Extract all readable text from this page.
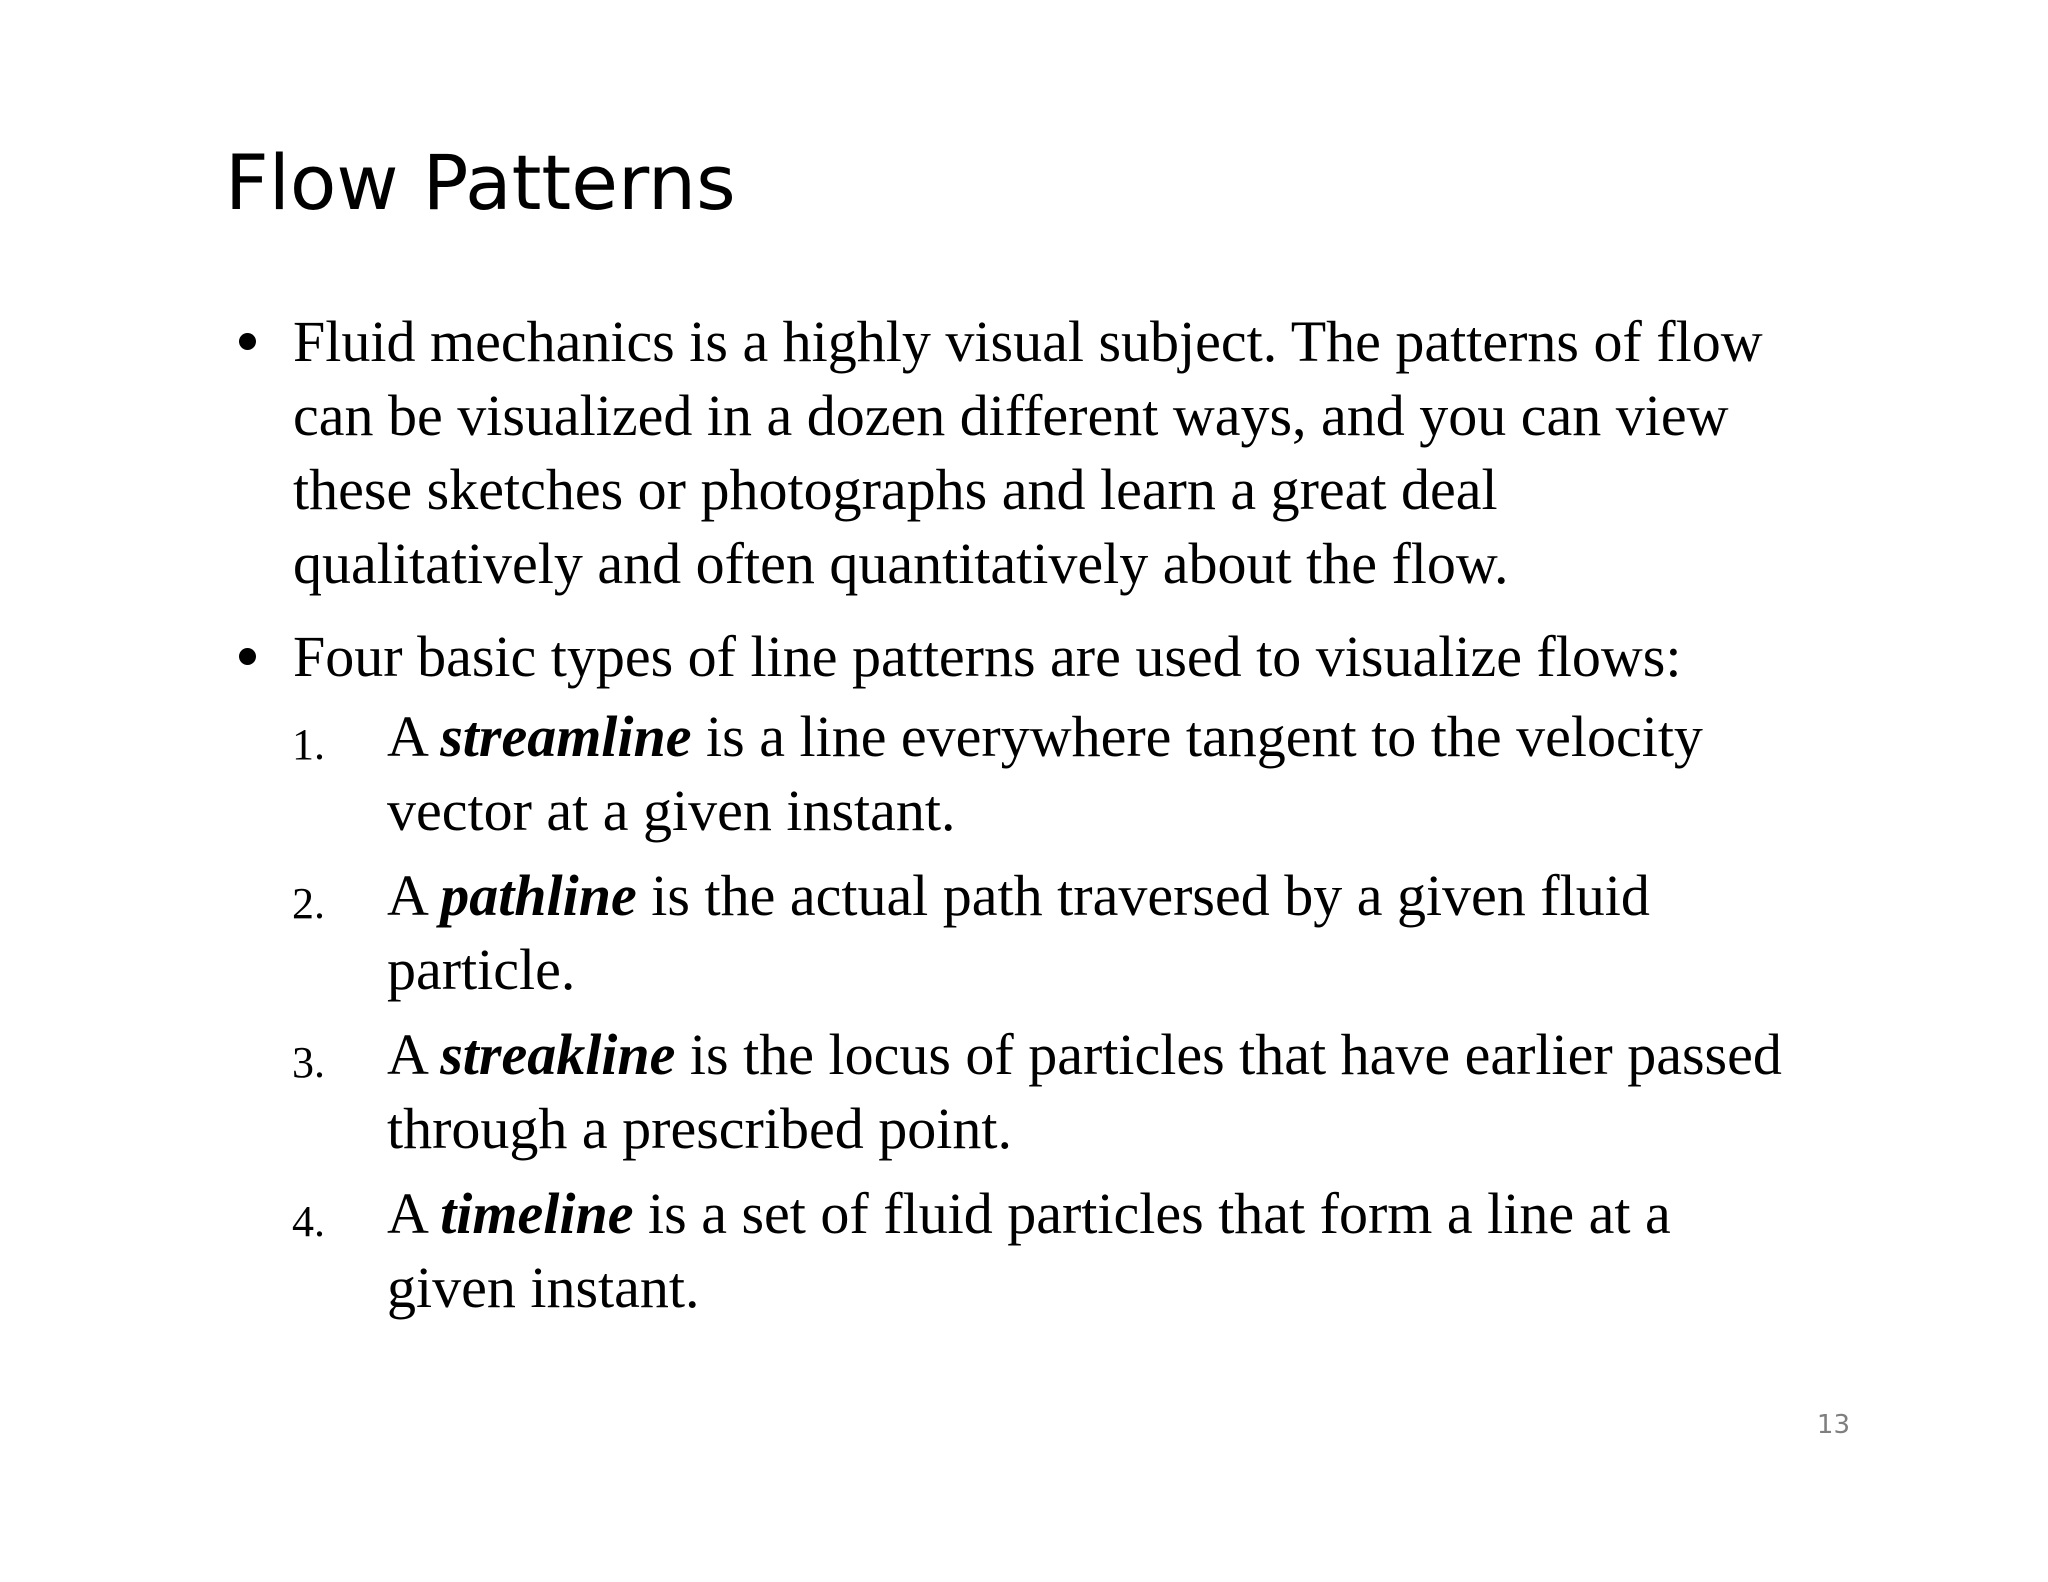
Flow Patterns
Fluid mechanics is a highly visual subject. The patterns of flow
can be visualized in a dozen different ways, and you can view
these sketches or photographs and learn a great deal
qualitatively and often quantitatively about the flow.
Four basic types of line patterns are used to visualize flows:
1. A streamline is a line everywhere tangent to the velocity
vector at a given instant.
2. A pathline is the actual path traversed by a given fluid
particle.
3. A streakline is the locus of particles that have earlier passed
through a prescribed point.
4. A timeline is a set of fluid particles that form a line at a
given instant.
13
